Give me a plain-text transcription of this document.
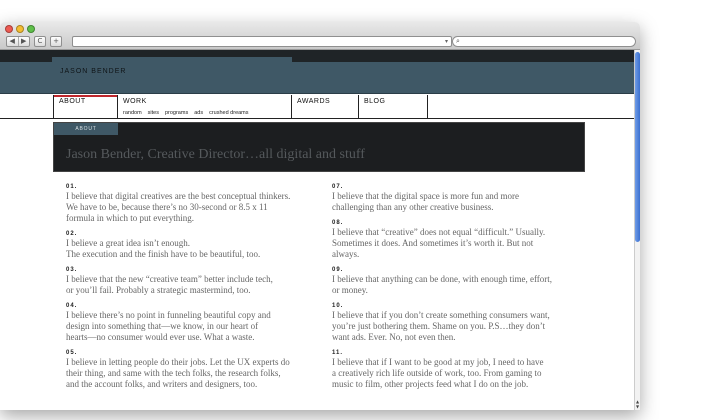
◀ ▶	C	+	▾ ⌕
JASON BENDER
ABOUT	WORK
random sites programs ads crushed dreams
AWARDS	BLOG
ABOUT
Jason Bender, Creative Director…all digital and stuff
01.
I believe that digital creatives are the best conceptual thinkers.
We have to be, because there’s no 30-second or 8.5 x 11
formula in which to put everything.
02.
I believe a great idea isn’t enough.
The execution and the finish have to be beautiful, too.
03.
I believe that the new “creative team” better include tech,
or you’ll fail. Probably a strategic mastermind, too.
04.
I believe there’s no point in funneling beautiful copy and
design into something that—we know, in our heart of
hearts—no consumer would ever use. What a waste.
05.
I believe in letting people do their jobs. Let the UX experts do
their thing, and same with the tech folks, the research folks,
and the account folks, and writers and designers, too.
07.
I believe that the digital space is more fun and more
challenging than any other creative business.
08.
I believe that “creative” does not equal “difficult.” Usually.
Sometimes it does. And sometimes it’s worth it. But not
always.
09.
I believe that anything can be done, with enough time, effort,
or money.
10.
I believe that if you don’t create something consumers want,
you’re just bothering them. Shame on you. P.S…they don’t
want ads. Ever. No, not even then.
11.
I believe that if I want to be good at my job, I need to have
a creatively rich life outside of work, too. From gaming to
music to film, other projects feed what I do on the job.
▲
▼
